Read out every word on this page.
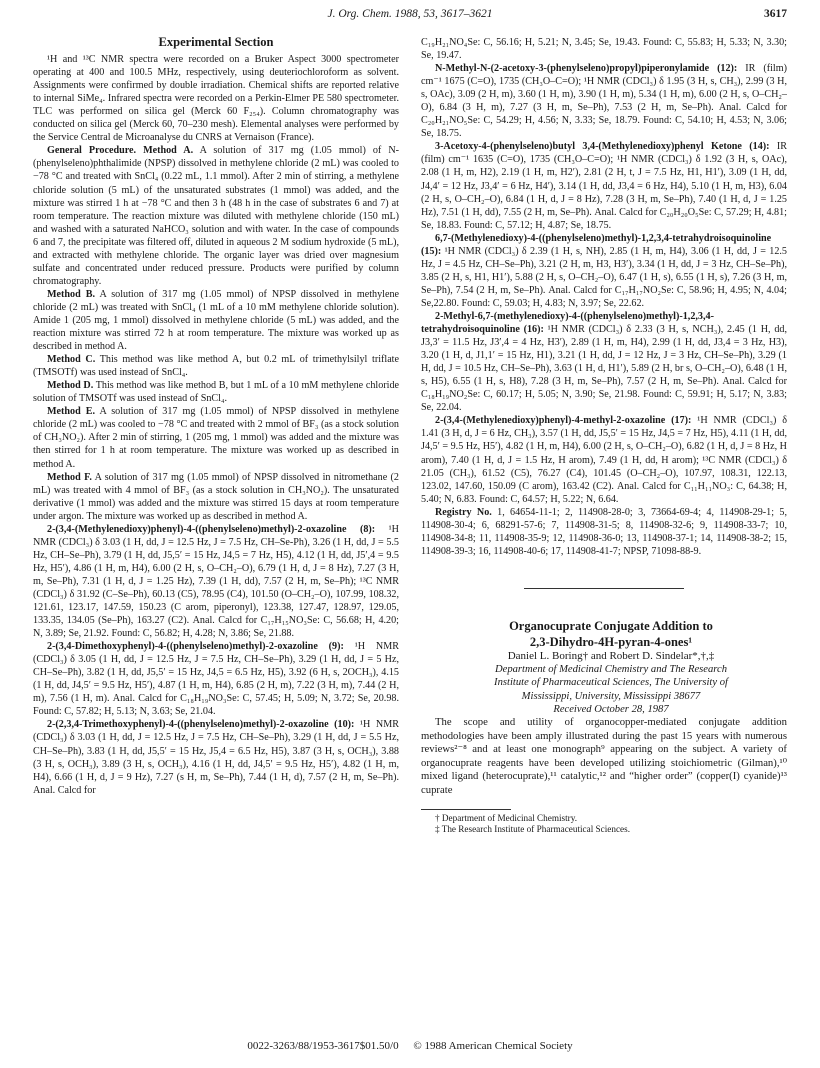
J. Org. Chem. 1988, 53, 3617–3621	3617
Experimental Section

¹H and ¹³C NMR spectra were recorded on a Bruker Aspect 3000 spectrometer operating at 400 and 100.5 MHz, respectively, using deuteriochloroform as solvent. Assignments were confirmed by double irradiation. Chemical shifts are reported relative to internal SiMe₄. Infrared spectra were recorded on a Perkin-Elmer PE 580 spectrometer. TLC was performed on silica gel (Merck 60 F₂₅₄). Column chromatography was conducted on silica gel (Merck 60, 70–230 mesh). Elemental analyses were performed by the Service Central de Microanalyse du CNRS at Vernaison (France).

General Procedure. Method A. A solution of 317 mg (1.05 mmol) of N-(phenylseleno)phthalimide (NPSP) dissolved in methylene chloride (2 mL) was cooled to −78 °C and treated with SnCl₄ (0.22 mL, 1.1 mmol). After 2 min of stirring, a methylene chloride solution (5 mL) of the unsaturated substrates (1 mmol) was added, and the mixture was stirred 1 h at −78 °C and then 3 h (48 h in the case of substrates 6 and 7) at room temperature. The reaction mixture was diluted with methylene chloride (150 mL) and washed with a saturated NaHCO₃ solution and with water. In the case of compounds 6 and 7, the precipitate was filtered off, diluted in aqueous 2 M sodium hydroxide (5 mL), and extracted with methylene chloride. The organic layer was dried over magnesium sulfate and concentrated under reduced pressure. Products were purified by column chromatography.

Method B. A solution of 317 mg (1.05 mmol) of NPSP dissolved in methylene chloride (2 mL) was treated with SnCl₄ (1 mL of a 10 mM methylene chloride solution). Amide 1 (205 mg, 1 mmol) dissolved in methylene chloride (5 mL) was added, and the reaction mixture was stirred 72 h at room temperature. The mixture was worked up as described in method A.

Method C. This method was like method A, but 0.2 mL of trimethylsilyl triflate (TMSOTf) was used instead of SnCl₄.

Method D. This method was like method B, but 1 mL of a 10 mM methylene chloride solution of TMSOTf was used instead of SnCl₄.

Method E. A solution of 317 mg (1.05 mmol) of NPSP dissolved in methylene chloride (2 mL) was cooled to −78 °C and treated with 2 mmol of BF₃ (as a stock solution of CH₃NO₂). After 2 min of stirring, 1 (205 mg, 1 mmol) was added and the mixture was then stirred for 1 h at room temperature. The mixture was worked up as described in method A.

Method F. A solution of 317 mg (1.05 mmol) of NPSP dissolved in nitromethane (2 mL) was treated with 4 mmol of BF₃ (as a stock solution in CH₃NO₂). The unsaturated derivative (1 mmol) was added and the mixture was stirred 15 days at room temperature under argon. The mixture was worked up as described in method A.

2-(3,4-(Methylenedioxy)phenyl)-4-((phenylseleno)methyl)-2-oxazoline (8): ¹H NMR (CDCl₃) δ 3.03 (1 H, dd, J = 12.5 Hz, J = 7.5 Hz, CH–Se-Ph), 3.26 (1 H, dd, J = 5.5 Hz, CH–Se–Ph), 3.79 (1 H, dd, J5,5′ = 15 Hz, J4,5 = 7 Hz, H5), 4.12 (1 H, dd, J5′,4 = 9.5 Hz, H5′), 4.86 (1 H, m, H4), 6.00 (2 H, s, O–CH₂–O), 6.79 (1 H, d, J = 8 Hz), 7.27 (3 H, m, Se–Ph), 7.31 (1 H, d, J = 1.25 Hz), 7.39 (1 H, dd), 7.57 (2 H, m, Se–Ph); ¹³C NMR (CDCl₃) δ 31.92 (C–Se–Ph), 60.13 (C5), 78.95 (C4), 101.50 (O–CH₂–O), 107.99, 108.32, 121.61, 123.17, 147.59, 150.23 (C arom, piperonyl), 123.38, 127.47, 128.97, 129.05, 133.35, 134.05 (Se–Ph), 163.27 (C2). Anal. Calcd for C₁₇H₁₅NO₃Se: C, 56.68; H, 4.20; N, 3.89; Se, 21.92. Found: C, 56.82; H, 4.28; N, 3.86; Se, 21.88.

2-(3,4-Dimethoxyphenyl)-4-((phenylseleno)methyl)-2-oxazoline (9): ¹H NMR (CDCl₃) δ 3.05 (1 H, dd, J = 12.5 Hz, J = 7.5 Hz, CH–Se–Ph), 3.29 (1 H, dd, J = 5 Hz, CH–Se–Ph), 3.82 (1 H, dd, J5,5′ = 15 Hz, J4,5 = 6.5 Hz, H5), 3.92 (6 H, s, 2OCH₃), 4.15 (1 H, dd, J4,5′ = 9.5 Hz, H5′), 4.87 (1 H, m, H4), 6.85 (2 H, m), 7.22 (3 H, m), 7.44 (2 H, m), 7.56 (1 H, m). Anal. Calcd for C₁₈H₁₉NO₃Se: C, 57.45; H, 5.09; N, 3.72; Se, 20.98. Found: C, 57.82; H, 5.13; N, 3.63; Se, 21.04.

2-(2,3,4-Trimethoxyphenyl)-4-((phenylseleno)methyl)-2-oxazoline (10): ¹H NMR (CDCl₃) δ 3.03 (1 H, dd, J = 12.5 Hz, J = 7.5 Hz, CH–Se–Ph), 3.29 (1 H, dd, J = 5.5 Hz, CH–Se–Ph), 3.83 (1 H, dd, J5,5′ = 15 Hz, J5,4 = 6.5 Hz, H5), 3.87 (3 H, s, OCH₃), 3.88 (3 H, s, OCH₃), 3.89 (3 H, s, OCH₃), 4.16 (1 H, dd, J4,5′ = 9.5 Hz, H5′), 4.82 (1 H, m, H4), 6.66 (1 H, d, J = 9 Hz), 7.27 (s H, m, Se–Ph), 7.44 (1 H, d), 7.57 (2 H, m, Se–Ph). Anal. Calcd for

C₁₉H₂₁NO₄Se: C, 56.16; H, 5.21; N, 3.45; Se, 19.43. Found: C, 55.83; H, 5.33; N, 3.30; Se, 19.47.

N-Methyl-N-(2-acetoxy-3-(phenylseleno)propyl)piperonylamide (12): IR (film) cm⁻¹ 1675 (C=O), 1735 (CH₃O–C=O); ¹H NMR (CDCl₃) δ 1.95 (3 H, s, CH₃), 2.99 (3 H, s, OAc), 3.09 (2 H, m), 3.60 (1 H, m), 3.90 (1 H, m), 5.34 (1 H, m), 6.00 (2 H, s, O–CH₂–O), 6.84 (3 H, m), 7.27 (3 H, m, Se–Ph), 7.53 (2 H, m, Se–Ph). Anal. Calcd for C₂₀H₂₁NO₅Se: C, 54.29; H, 4.56; N, 3.33; Se, 18.79. Found: C, 54.10; H, 4.53; N, 3.06; Se, 18.75.

3-Acetoxy-4-(phenylseleno)butyl 3,4-(Methylenedioxy)phenyl Ketone (14): IR (film) cm⁻¹ 1635 (C=O), 1735 (CH₃O–C=O); ¹H NMR (CDCl₃) δ 1.92 (3 H, s, OAc), 2.08 (1 H, m, H2), 2.19 (1 H, m, H2′), 2.81 (2 H, t, J = 7.5 Hz, H1, H1′), 3.09 (1 H, dd, J4,4′ = 12 Hz, J3,4′ = 6 Hz, H4′), 3.14 (1 H, dd, J3,4 = 6 Hz, H4), 5.10 (1 H, m, H3), 6.04 (2 H, s, O–CH₂–O), 6.84 (1 H, d, J = 8 Hz), 7.28 (3 H, m, Se–Ph), 7.40 (1 H, d, J = 1.25 Hz), 7.51 (1 H, dd), 7.55 (2 H, m, Se–Ph). Anal. Calcd for C₂₀H₂₀O₅Se: C, 57.29; H, 4.81; Se, 18.83. Found: C, 57.12; H, 4.87; Se, 18.75.

6,7-(Methylenedioxy)-4-((phenylseleno)methyl)-1,2,3,4-tetrahydroisoquinoline (15): ¹H NMR (CDCl₃) δ 2.39 (1 H, s, NH), 2.85 (1 H, m, H4), 3.06 (1 H, dd, J = 12.5 Hz, J = 4.5 Hz, CH–Se–Ph), 3.21 (2 H, m, H3, H3′), 3.34 (1 H, dd, J = 3 Hz, CH–Se–Ph), 3.85 (2 H, s, H1, H1′), 5.88 (2 H, s, O–CH₂–O), 6.47 (1 H, s), 6.55 (1 H, s), 7.26 (3 H, m, Se–Ph), 7.54 (2 H, m, Se–Ph). Anal. Calcd for C₁₇H₁₇NO₂Se: C, 58.96; H, 4.95; N, 4.04; Se,22.80. Found: C, 59.03; H, 4.83; N, 3.97; Se, 22.62.

2-Methyl-6,7-(methylenedioxy)-4-((phenylseleno)methyl)-1,2,3,4-tetrahydroisoquinoline (16): ¹H NMR (CDCl₃) δ 2.33 (3 H, s, NCH₃), 2.45 (1 H, dd, J3,3′ = 11.5 Hz, J3′,4 = 4 Hz, H3′), 2.89 (1 H, m, H4), 2.99 (1 H, dd, J3,4 = 3 Hz, H3), 3.20 (1 H, d, J1,1′ = 15 Hz, H1), 3.21 (1 H, dd, J = 12 Hz, J = 3 Hz, CH–Se–Ph), 3.29 (1 H, dd, J = 10.5 Hz, CH–Se–Ph), 3.63 (1 H, d, H1′), 5.89 (2 H, br s, O–CH₂–O), 6.48 (1 H, s, H5), 6.55 (1 H, s, H8), 7.28 (3 H, m, Se–Ph), 7.57 (2 H, m, Se–Ph). Anal. Calcd for C₁₈H₁₉NO₂Se: C, 60.17; H, 5.05; N, 3.90; Se, 21.98. Found: C, 59.91; H, 5.17; N, 3.83; Se, 22.04.

2-(3,4-(Methylenedioxy)phenyl)-4-methyl-2-oxazoline (17): ¹H NMR (CDCl₃) δ 1.41 (3 H, d, J = 6 Hz, CH₃), 3.57 (1 H, dd, J5,5′ = 15 Hz, J4,5 = 7 Hz, H5), 4.11 (1 H, dd, J4,5′ = 9.5 Hz, H5′), 4.82 (1 H, m, H4), 6.00 (2 H, s, O–CH₂–O), 6.82 (1 H, d, J = 8 Hz, H arom), 7.40 (1 H, d, J = 1.5 Hz, H arom), 7.49 (1 H, dd, H arom); ¹³C NMR (CDCl₃) δ 21.05 (CH₃), 61.52 (C5), 76.27 (C4), 101.45 (O–CH₂–O), 107.97, 108.31, 122.13, 123.02, 147.60, 150.09 (C arom), 163.42 (C2). Anal. Calcd for C₁₁H₁₁NO₃: C, 64.38; H, 5.40; N, 6.83. Found: C, 64.57; H, 5.22; N, 6.64.

Registry No. 1, 64654-11-1; 2, 114908-28-0; 3, 73664-69-4; 4, 114908-29-1; 5, 114908-30-4; 6, 68291-57-6; 7, 114908-31-5; 8, 114908-32-6; 9, 114908-33-7; 10, 114908-34-8; 11, 114908-35-9; 12, 114908-36-0; 13, 114908-37-1; 14, 114908-38-2; 15, 114908-39-3; 16, 114908-40-6; 17, 114908-41-7; NPSP, 71098-88-9.

Organocuprate Conjugate Addition to

2,3-Dihydro-4H-pyran-4-ones¹

Daniel L. Boring† and Robert D. Sindelar*,†,‡

Department of Medicinal Chemistry and The Research

Institute of Pharmaceutical Sciences, The University of

Mississippi, University, Mississippi 38677

Received October 28, 1987

The scope and utility of organocopper-mediated conjugate addition methodologies have been amply illustrated during the past 15 years with numerous reviews²⁻⁸ and at least one monograph⁹ appearing on the subject. A variety of organocuprate reagents have been developed utilizing stoichiometric (Gilman),¹⁰ mixed ligand (heterocuprate),¹¹ catalytic,¹² and “higher order” (copper(I) cyanide)¹³ cuprate

† Department of Medicinal Chemistry.

‡ The Research Institute of Pharmaceutical Sciences.

0022-3263/88/1953-3617$01.50/0 © 1988 American Chemical Society
